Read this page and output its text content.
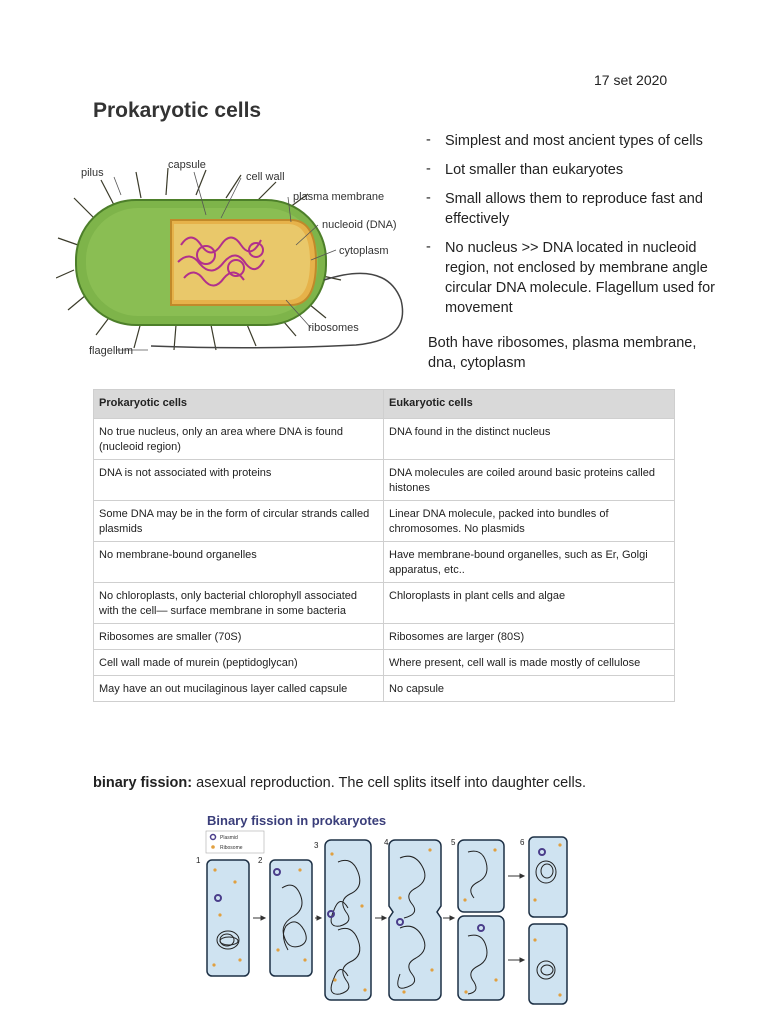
17 set 2020
Prokaryotic cells
pilus
capsule
cell wall
plasma membrane
nucleoid (DNA)
cytoplasm
ribosomes
flagellum
- Simplest and most ancient types of cells
- Lot smaller than eukaryotes
- Small allows them to reproduce fast and effectively
- No nucleus >> DNA located in nucleoid region, not enclosed by membrane angle circular DNA molecule. Flagellum used for movement

Both have ribosomes, plasma membrane, dna, cytoplasm

Prokaryotic cells	Eukaryotic cells
No true nucleus, only an area where DNA is found (nucleoid region)	DNA found in the distinct nucleus
DNA is not associated with proteins	DNA molecules are coiled around basic proteins called histones
Some DNA may be in the form of circular strands called plasmids	Linear DNA molecule, packed into bundles of chromosomes. No plasmids
No membrane-bound organelles	Have membrane-bound organelles, such as Er, Golgi apparatus, etc..
No chloroplasts, only bacterial chlorophyll associated with the cell— surface membrane in some bacteria	Chloroplasts in plant cells and algae
Ribosomes are smaller (70S)	Ribosomes are larger (80S)
Cell wall made of murein (peptidoglycan)	Where present, cell wall is made mostly of cellulose
May have an out mucilaginous layer called capsule	No capsule

binary fission: asexual reproduction. The cell splits itself into daughter cells.

Binary fission in prokaryotes
Plasmid
Ribosome
1	2
3	4	5	6
